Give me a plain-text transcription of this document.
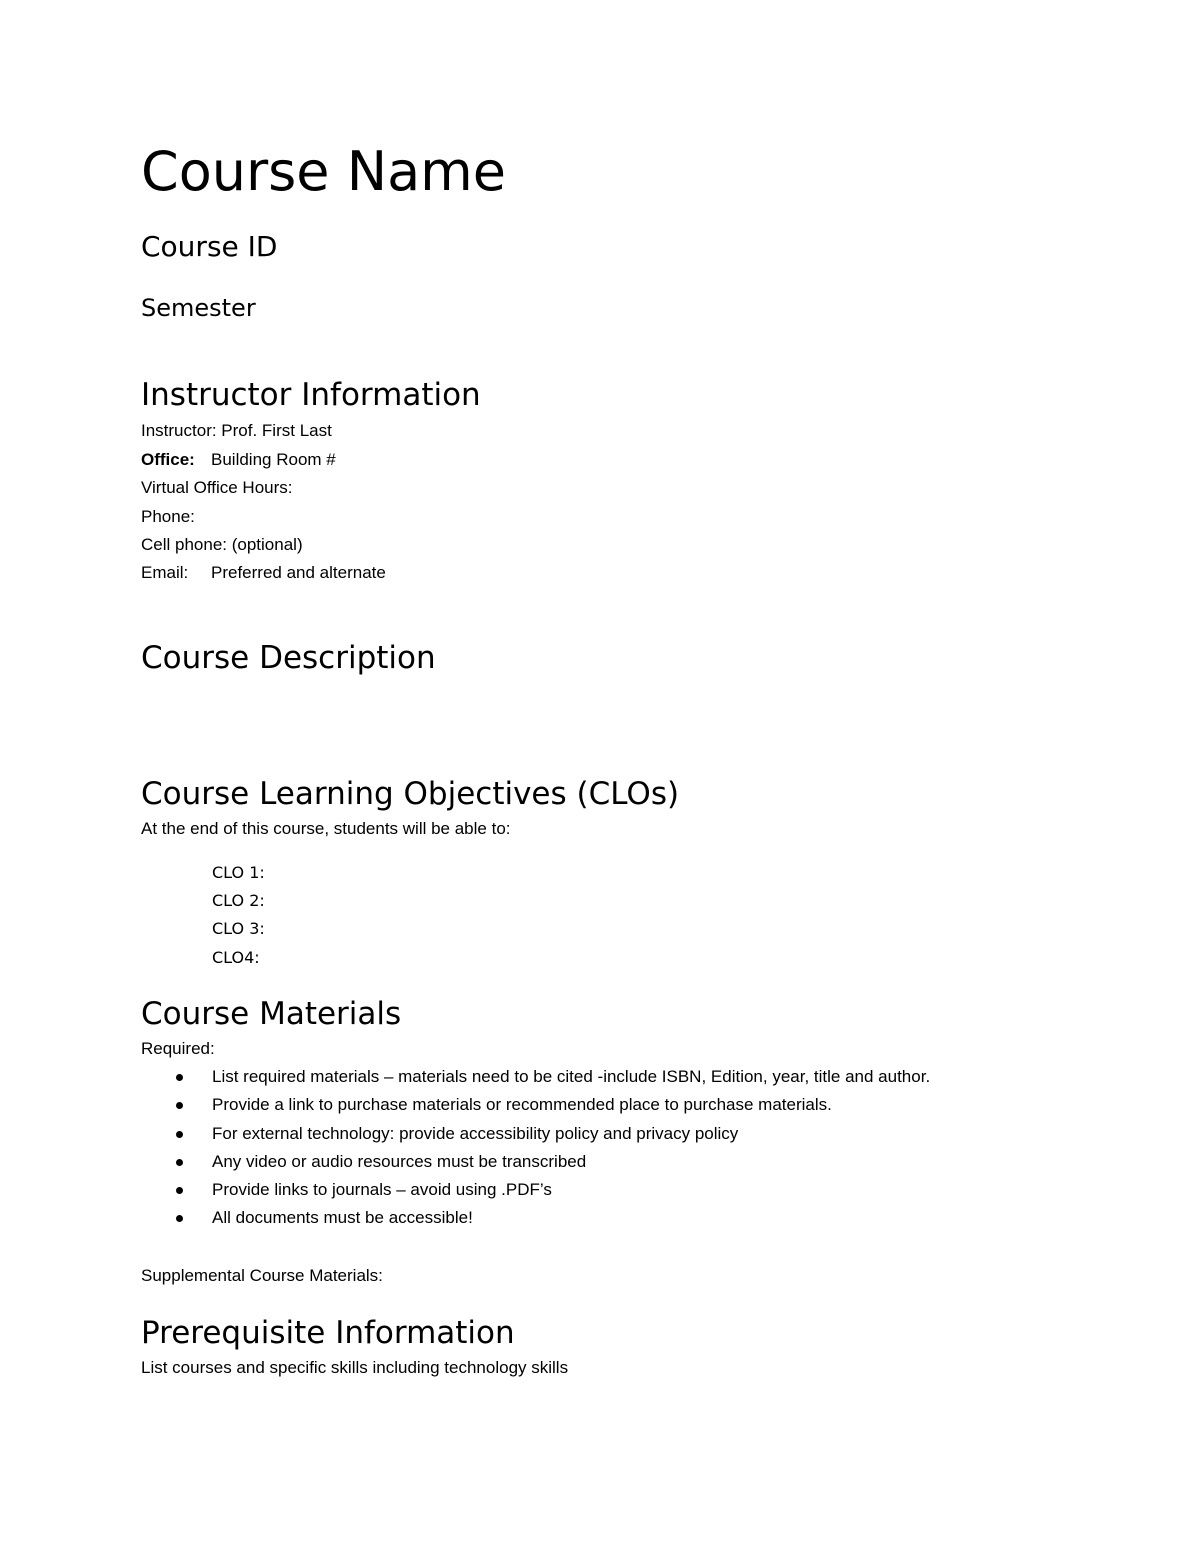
Course Name
Course ID
Semester
Instructor Information

Instructor: Prof. First Last

Office: Building Room #

Virtual Office Hours:

Phone:

Cell phone: (optional)

Email: Preferred and alternate

Course Description
Course Learning Objectives (CLOs)

At the end of this course, students will be able to:

CLO 1:

CLO 2:

CLO 3:

CLO4:

Course Materials

Required:

List required materials – materials need to be cited -include ISBN, Edition, year, title and author.
Provide a link to purchase materials or recommended place to purchase materials.
For external technology: provide accessibility policy and privacy policy
Any video or audio resources must be transcribed
Provide links to journals – avoid using .PDF’s
All documents must be accessible!

Supplemental Course Materials:

Prerequisite Information

List courses and specific skills including technology skills
